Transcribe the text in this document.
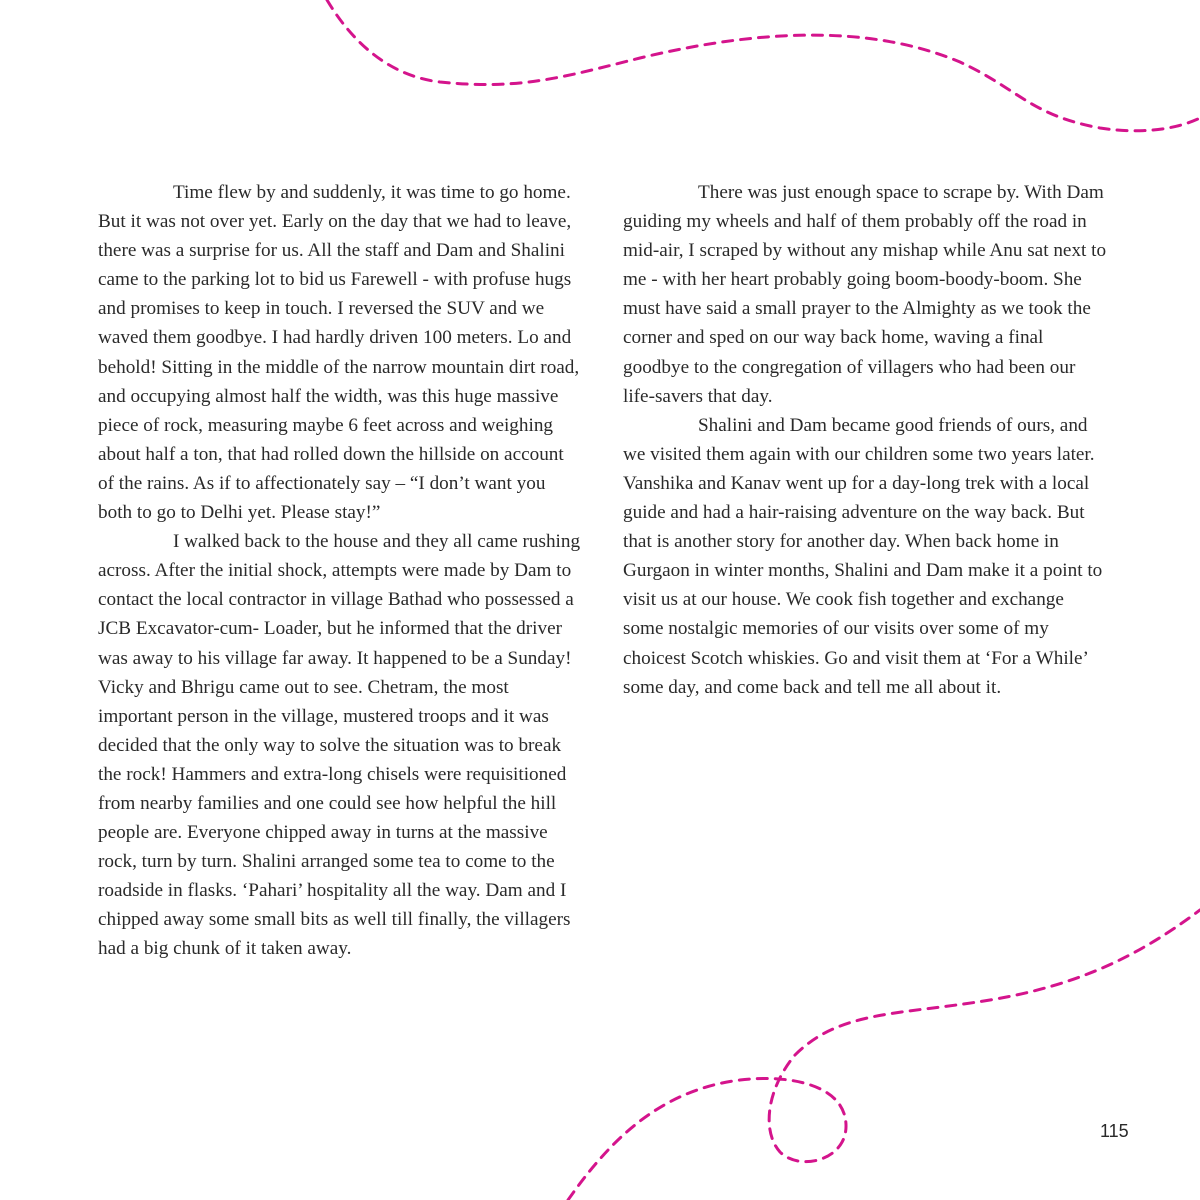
Time flew by and suddenly, it was time to go home. But it was not over yet. Early on the day that we had to leave, there was a surprise for us. All the staff and Dam and Shalini came to the parking lot to bid us Farewell - with profuse hugs and promises to keep in touch. I reversed the SUV and we waved them goodbye. I had hardly driven 100 meters. Lo and behold! Sitting in the middle of the narrow mountain dirt road, and occupying almost half the width, was this huge massive piece of rock, measuring maybe 6 feet across and weighing about half a ton, that had rolled down the hillside on account of the rains. As if to affectionately say – “I don’t want you both to go to Delhi yet. Please stay!”

I walked back to the house and they all came rushing across. After the initial shock, attempts were made by Dam to contact the local contractor in village Bathad who possessed a JCB Excavator-cum- Loader, but he informed that the driver was away to his village far away. It happened to be a Sunday! Vicky and Bhrigu came out to see. Chetram, the most important person in the village, mustered troops and it was decided that the only way to solve the situation was to break the rock! Hammers and extra-long chisels were requisitioned from nearby families and one could see how helpful the hill people are. Everyone chipped away in turns at the massive rock, turn by turn. Shalini arranged some tea to come to the roadside in flasks. ‘Pahari’ hospitality all the way. Dam and I chipped away some small bits as well till finally, the villagers had a big chunk of it taken away.

There was just enough space to scrape by. With Dam guiding my wheels and half of them probably off the road in mid-air, I scraped by without any mishap while Anu sat next to me - with her heart probably going boom-boody-boom. She must have said a small prayer to the Almighty as we took the corner and sped on our way back home, waving a final goodbye to the congregation of villagers who had been our life-savers that day.

Shalini and Dam became good friends of ours, and we visited them again with our children some two years later. Vanshika and Kanav went up for a day-long trek with a local guide and had a hair-raising adventure on the way back. But that is another story for another day. When back home in Gurgaon in winter months, Shalini and Dam make it a point to visit us at our house. We cook fish together and exchange some nostalgic memories of our visits over some of my choicest Scotch whiskies. Go and visit them at ‘For a While’ some day, and come back and tell me all about it.

115
